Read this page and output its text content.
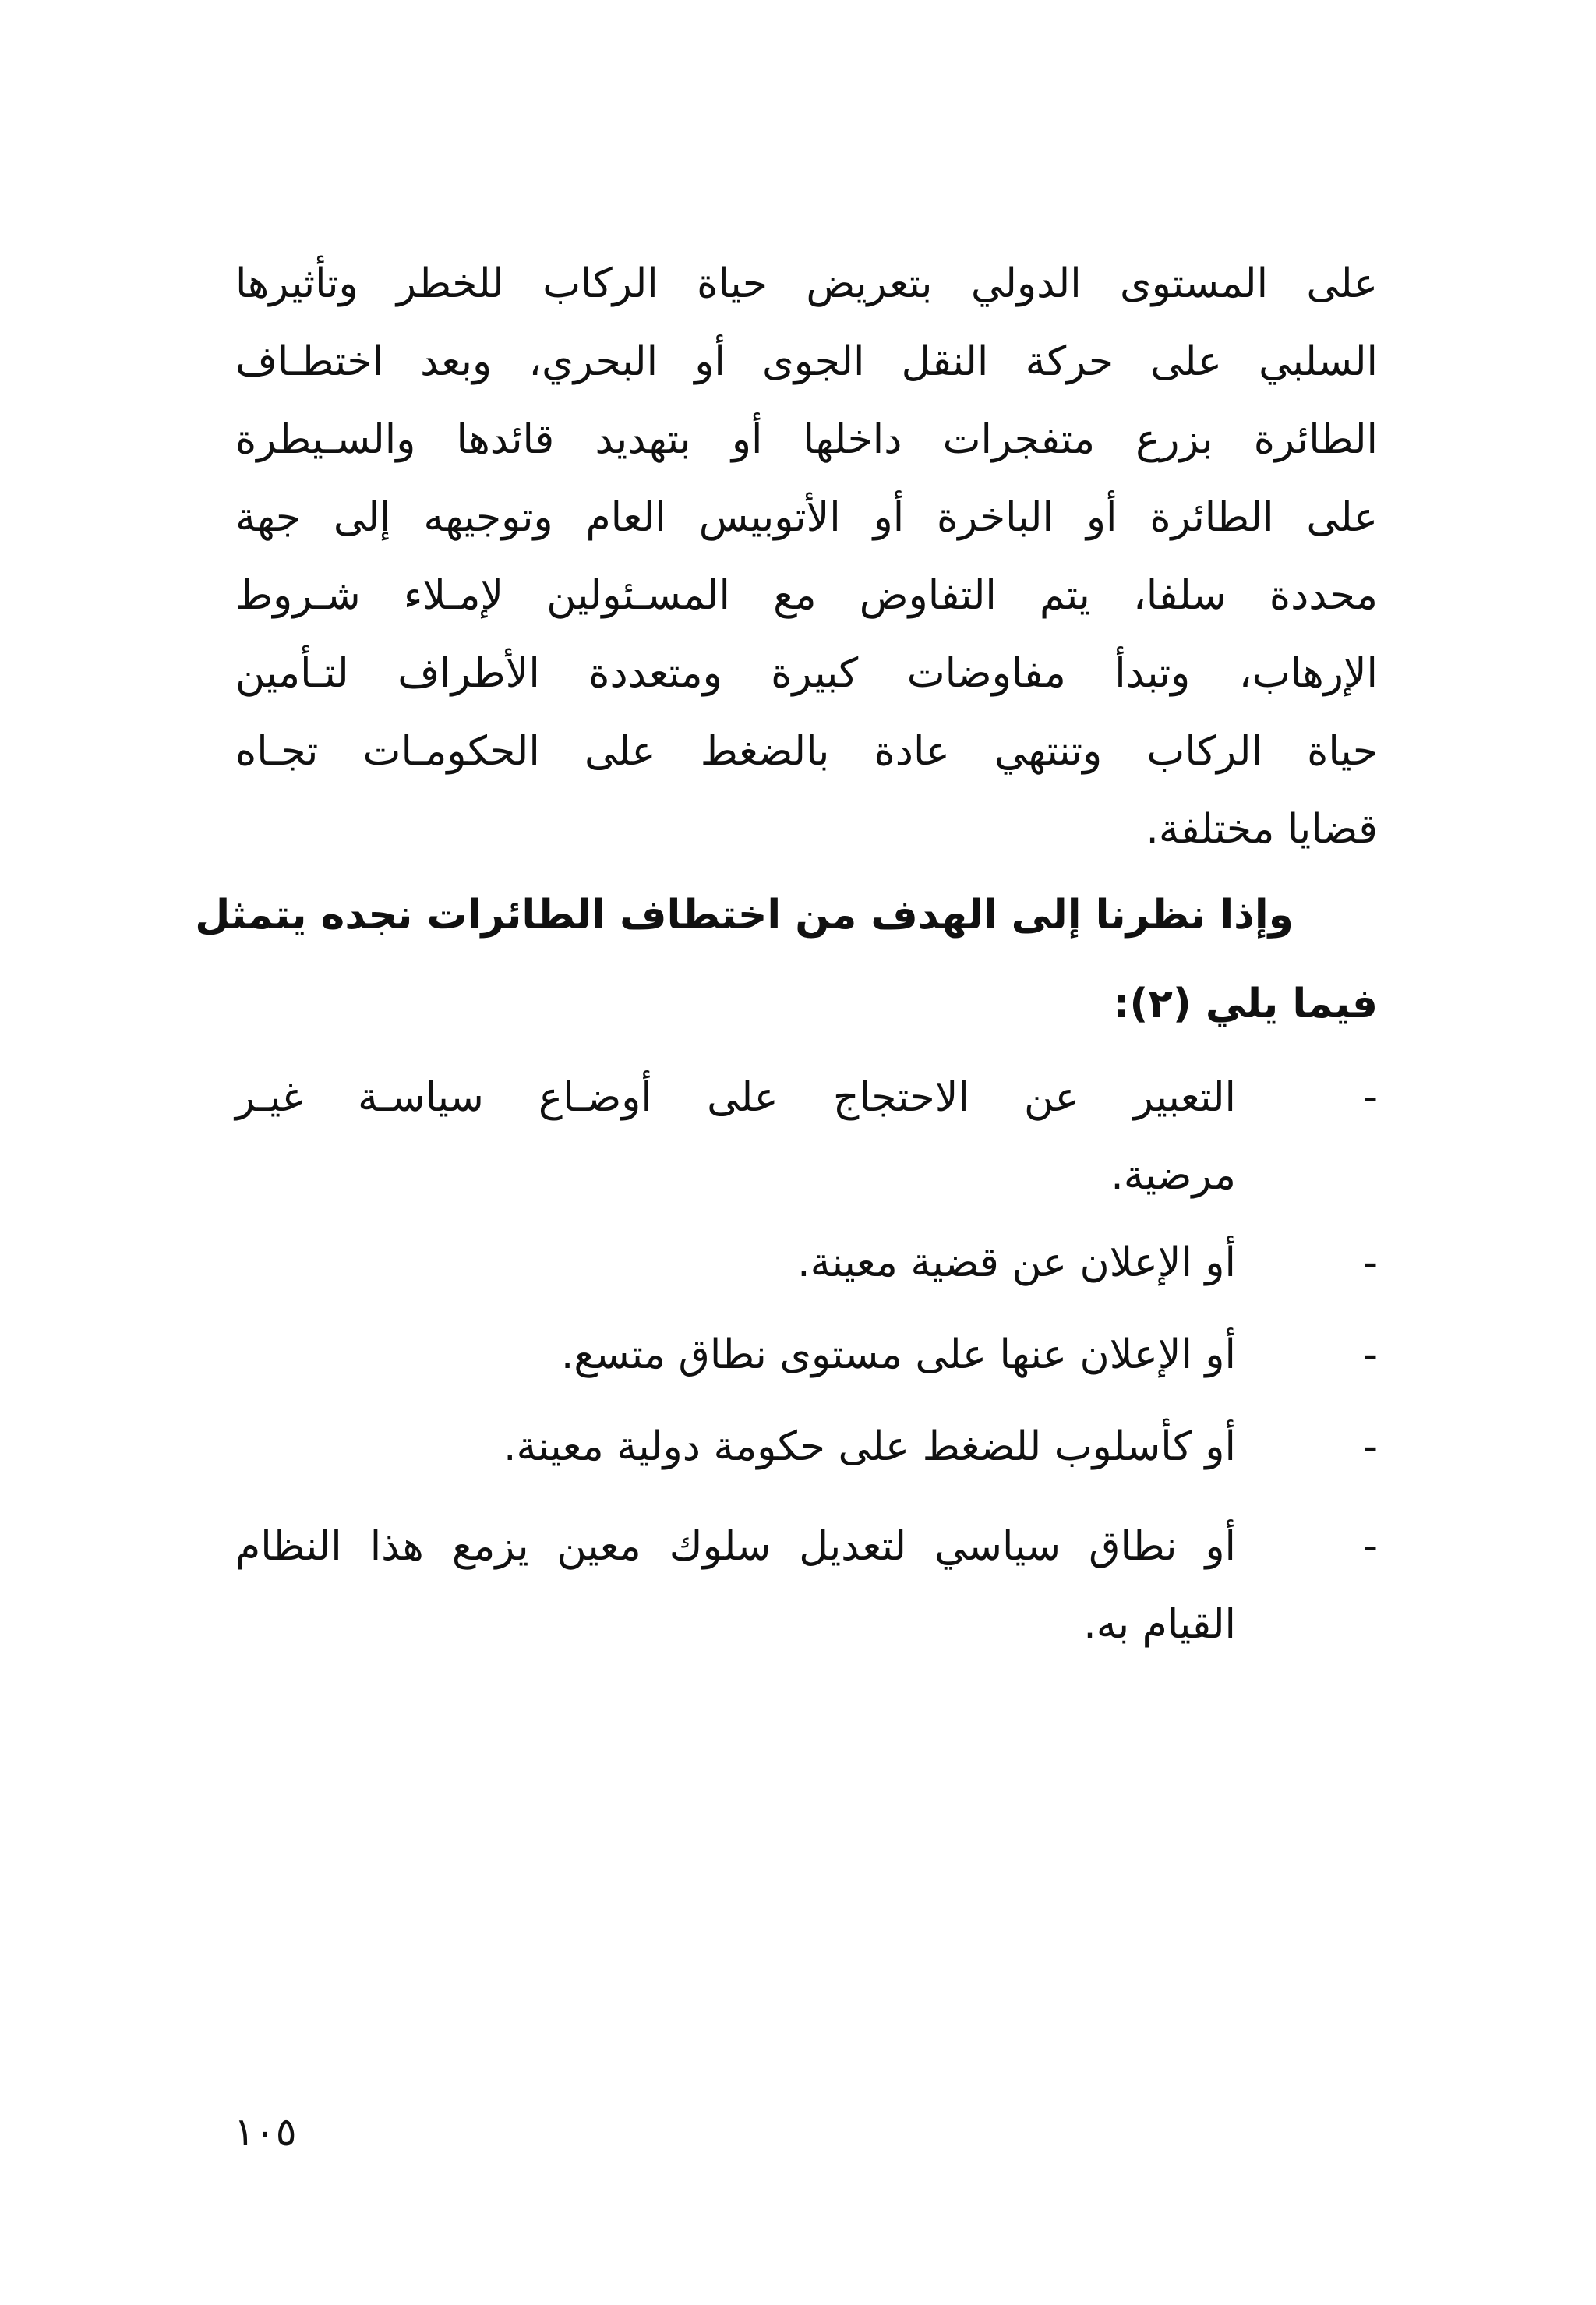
على المستوى الدولي بتعريض حياة الركاب للخطر وتأثيرها
السلبي على حركة النقل الجوى أو البحري، وبعد اختطـاف
الطائرة بزرع متفجرات داخلها أو بتهديد قائدها والسـيطرة
على الطائرة أو الباخرة أو الأتوبيس العام وتوجيهه إلى جهة
محددة سلفا، يتم التفاوض مع المسـئولين لإمـلاء شـروط
الإرهاب، وتبدأ مفاوضات كبيرة ومتعددة الأطراف لتـأمين
حياة الركاب وتنتهي عادة بالضغط على الحكومـات تجـاه
قضايا مختلفة.
وإذا نظرنا إلى الهدف من اختطاف الطائرات نجده يتمثل
فيما يلي (٢):
-
التعبير عن الاحتجاج على أوضـاع سياسـة غيـر
مرضية.
-
أو الإعلان عن قضية معينة.
-
أو الإعلان عنها على مستوى نطاق متسع.
-
أو كأسلوب للضغط على حكومة دولية معينة.
-
أو نطاق سياسي لتعديل سلوك معين يزمع هذا النظام
القيام به.
١٠٥
